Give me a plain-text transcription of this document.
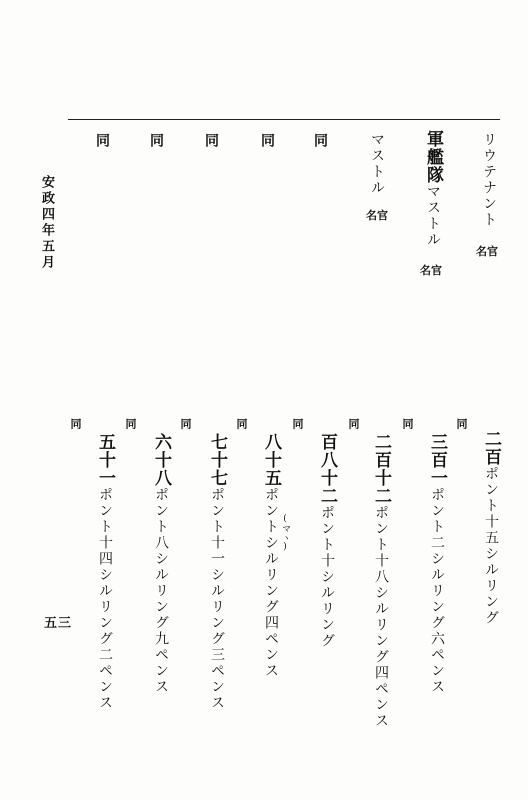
リウテナント
名官
軍艦隊マストル
名官
マストル
名官
同
同
同
同
同
安政四年五月
五三
同
同
同
同
同
同
同
同
二百ポント十五シルリング
三百一ポント二シルリング六ペンス
二百十二ポント十八シルリング四ペンス
百八十二ポント十シルリング
(マヽ)
八十五ポントシルリング四ペンス
七十七ポント十一シルリング三ペンス
六十八ポント八シルリング九ペンス
五十一ポント十四シルリング二ペンス
